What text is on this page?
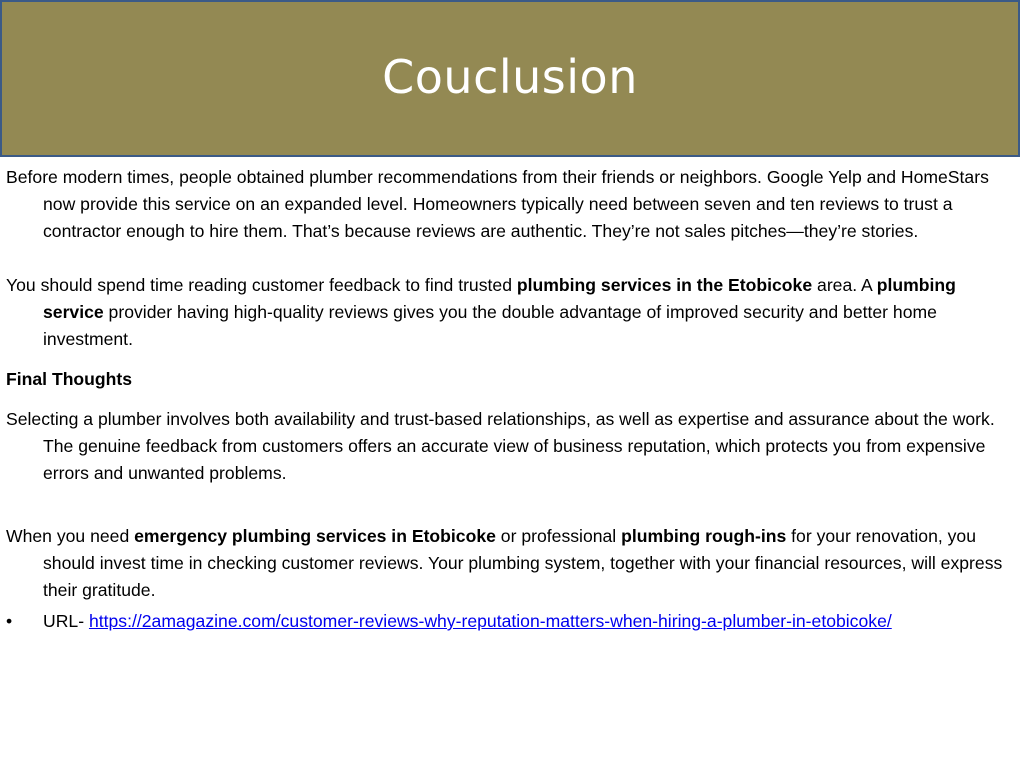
Couclusion

Before modern times, people obtained plumber recommendations from their friends or neighbors. Google Yelp and HomeStars now provide this service on an expanded level. Homeowners typically need between seven and ten reviews to trust a contractor enough to hire them. That’s because reviews are authentic. They’re not sales pitches—they’re stories.

You should spend time reading customer feedback to find trusted plumbing services in the Etobicoke area. A plumbing service provider having high-quality reviews gives you the double advantage of improved security and better home investment.

Final Thoughts

Selecting a plumber involves both availability and trust-based relationships, as well as expertise and assurance about the work. The genuine feedback from customers offers an accurate view of business reputation, which protects you from expensive errors and unwanted problems.

When you need emergency plumbing services in Etobicoke or professional plumbing rough-ins for your renovation, you should invest time in checking customer reviews. Your plumbing system, together with your financial resources, will express their gratitude.

• URL- https://2amagazine.com/customer-reviews-why-reputation-matters-when-hiring-a-plumber-in-etobicoke/
